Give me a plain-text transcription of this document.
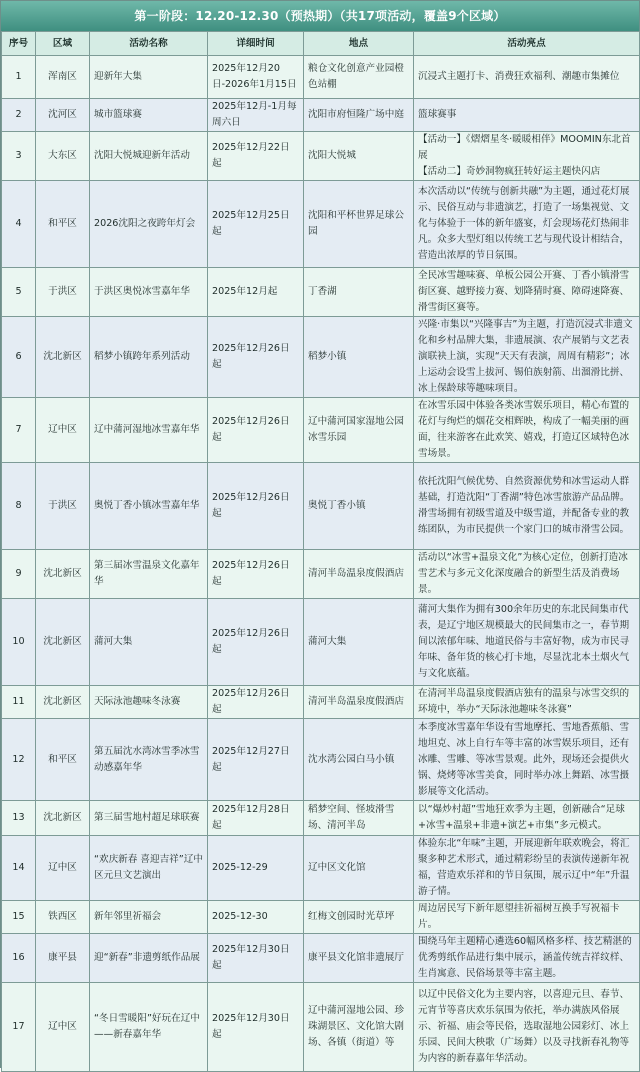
第一阶段：12.20-12.30（预热期）（共17项活动，覆盖9个区域）
序号	区域	活动名称	详细时间	地点	活动亮点
1	浑南区	迎新年大集	2025年12月20日-2026年1月15日	粮仓文化创意产业园橙色站棚	沉浸式主题打卡、消费狂欢福利、潮趣市集摊位
2	沈河区	城市篮球赛	2025年12月-1月每周六日	沈阳市府恒隆广场中庭	篮球赛事
3	大东区	沈阳大悦城迎新年活动	2025年12月22日起	沈阳大悦城	【活动一】《熠熠星冬·暖暖相伴》MOOMIN东北首展
【活动二】奇妙洞物疯狂转好运主题快闪店
4	和平区	2026沈阳之夜跨年灯会	2025年12月25日起	沈阳和平杯世界足球公园	本次活动以“传统与创新共融”为主题，通过花灯展示、民俗互动与非遗演艺，打造了一场集视觉、文化与体验于一体的新年盛宴，灯会现场花灯热闹非凡。众多大型灯组以传统工艺与现代设计相结合，营造出浓厚的节日氛围。
5	于洪区	于洪区奥悦冰雪嘉年华	2025年12月起	丁香湖	全民冰雪趣味赛、单板公园公开赛、丁香小镇滑雪街区赛、越野接力赛、划降猜时赛、障碍速降赛、滑雪街区赛等。
6	沈北新区	稻梦小镇跨年系列活动	2025年12月26日起	稻梦小镇	兴隆·市集以“兴隆事吉”为主题，打造沉浸式非遗文化和乡村品牌大集，非遗展演、农产展销与文艺表演联袂上演，实现“天天有表演，周周有精彩”；冰上运动会设雪上拔河、锡伯族射箭、出溜滑比拼、冰上保龄球等趣味项目。
7	辽中区	辽中蒲河湿地冰雪嘉年华	2025年12月26日起	辽中蒲河国家湿地公园冰雪乐园	在冰雪乐园中体验各类冰雪娱乐项目，精心布置的花灯与绚烂的烟花交相辉映，构成了一幅美丽的画面，往来游客在此欢笑、嬉戏，打造辽区域特色冰雪场景。
8	于洪区	奥悦丁香小镇冰雪嘉年华	2025年12月26日起	奥悦丁香小镇	依托沈阳气候优势、自然资源优势和冰雪运动人群基础，打造沈阳“丁香湖”特色冰雪旅游产品品牌。滑雪场拥有初级雪道及中级雪道，并配备专业的教练团队，为市民提供一个家门口的城市滑雪公园。
9	沈北新区	第三届冰雪温泉文化嘉年华	2025年12月26日起	清河半岛温泉度假酒店	活动以“冰雪+温泉文化”为核心定位，创新打造冰雪艺术与多元文化深度融合的新型生活及消费场景。
10	沈北新区	蒲河大集	2025年12月26日起	蒲河大集	蒲河大集作为拥有300余年历史的东北民间集市代表，是辽宁地区规模最大的民间集市之一，春节期间以浓郁年味、地道民俗与丰富好物，成为市民寻年味、备年货的核心打卡地，尽显沈北本土烟火气与文化底蕴。
11	沈北新区	天际泳池趣味冬泳赛	2025年12月26日起	清河半岛温泉度假酒店	在清河半岛温泉度假酒店独有的温泉与冰雪交织的环境中，举办“天际泳池趣味冬泳赛”
12	和平区	第五届沈水湾冰雪季冰雪动感嘉年华	2025年12月27日起	沈水湾公园白马小镇	本季度冰雪嘉年华设有雪地摩托、雪地香蕉船、雪地坦克、冰上自行车等丰富的冰雪娱乐项目，还有冰雕、雪雕、等冰雪景观。此外，现场还会提供火锅、烧烤等冰雪美食，同时举办冰上舞蹈、冰雪摄影展等文化活动。
13	沈北新区	第三届雪地村超足球联赛	2025年12月28日起	稻梦空间、怪坡滑雪场、清河半岛	以“爆炒村超”雪地狂欢季为主题，创新融合“足球+冰雪+温泉+非遗+演艺+市集”多元模式。
14	辽中区	“欢庆新春 喜迎吉祥”辽中区元旦文艺演出	2025-12-29	辽中区文化馆	体验东北“年味”主题，开展迎新年联欢晚会，将汇聚多种艺术形式，通过精彩纷呈的表演传递新年祝福，营造欢乐祥和的节日氛围，展示辽中“年”升温游子情。
15	铁西区	新年邻里祈福会	2025-12-30	红梅文创园时光草坪	周边居民写下新年愿望挂祈福树互换手写祝福卡片。
16	康平县	迎“新春”非遗剪纸作品展	2025年12月30日起	康平县文化馆非遗展厅	围绕马年主题精心遴选60幅风格多样、技艺精湛的优秀剪纸作品进行集中展示，涵盖传统吉祥纹样、生肖寓意、民俗场景等丰富主题。
17	辽中区	“冬日雪暖阳”好玩在辽中——新春嘉年华	2025年12月30日起	辽中蒲河湿地公园、珍珠湖景区、文化馆大剧场、各镇（街道）等	以辽中民俗文化为主要内容，以喜迎元旦、春节、元宵节等喜庆欢乐氛围为依托，举办满族风俗展示、祈福、庙会等民俗，选取湿地公园彩灯、冰上乐园、民间大秧歌（广场舞）以及寻找新春礼物等为内容的新春嘉年华活动。
